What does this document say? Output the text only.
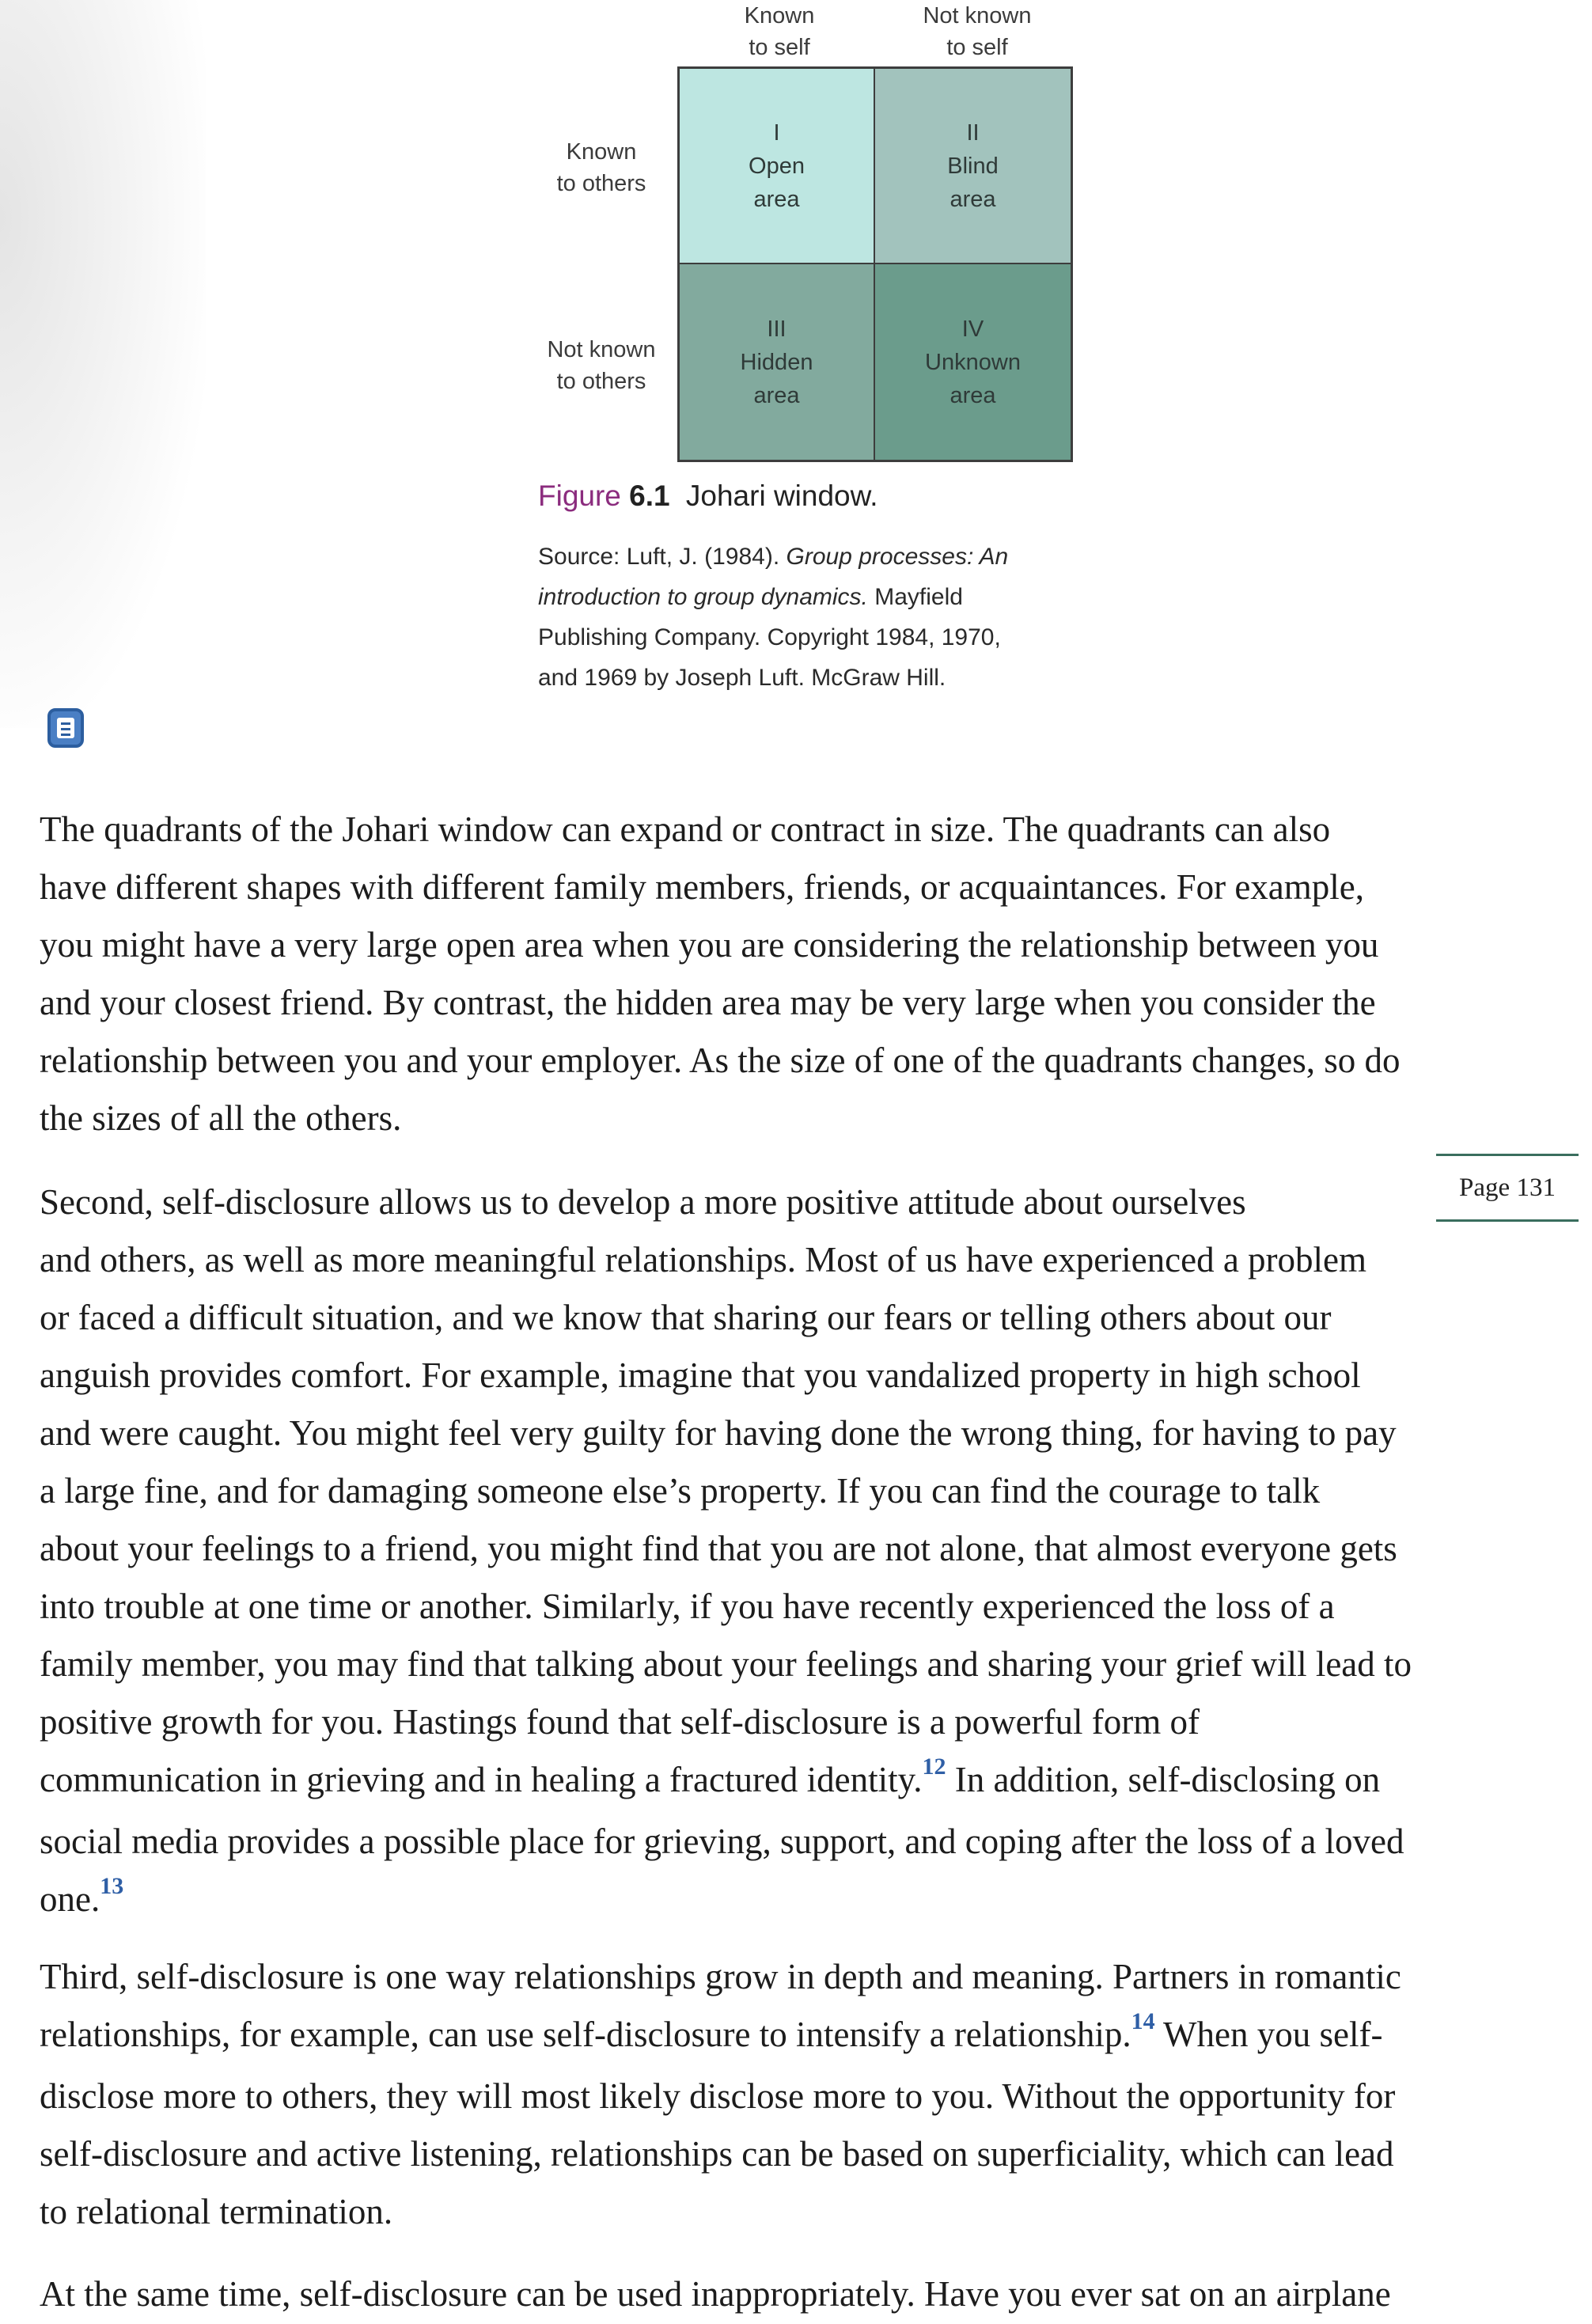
Known
to self
Not known
to self
Known
to others
Not known
to others
I
Open
area
II
Blind
area
III
Hidden
area
IV
Unknown
area
Figure 6.1 Johari window.
Source: Luft, J. (1984). Group processes: An
introduction to group dynamics. Mayfield
Publishing Company. Copyright 1984, 1970,
and 1969 by Joseph Luft. McGraw Hill.
The quadrants of the Johari window can expand or contract in size. The quadrants can also
have different shapes with different family members, friends, or acquaintances. For example,
you might have a very large open area when you are considering the relationship between you
and your closest friend. By contrast, the hidden area may be very large when you consider the
relationship between you and your employer. As the size of one of the quadrants changes, so do
the sizes of all the others.
Page 131
Second, self-disclosure allows us to develop a more positive attitude about ourselves
and others, as well as more meaningful relationships. Most of us have experienced a problem
or faced a difficult situation, and we know that sharing our fears or telling others about our
anguish provides comfort. For example, imagine that you vandalized property in high school
and were caught. You might feel very guilty for having done the wrong thing, for having to pay
a large fine, and for damaging someone else’s property. If you can find the courage to talk
about your feelings to a friend, you might find that you are not alone, that almost everyone gets
into trouble at one time or another. Similarly, if you have recently experienced the loss of a
family member, you may find that talking about your feelings and sharing your grief will lead to
positive growth for you. Hastings found that self-disclosure is a powerful form of
communication in grieving and in healing a fractured identity.$^{12}$ In addition, self-disclosing on
social media provides a possible place for grieving, support, and coping after the loss of a loved
one.$^{13}$
Third, self-disclosure is one way relationships grow in depth and meaning. Partners in romantic
relationships, for example, can use self-disclosure to intensify a relationship.$^{14}$ When you self-
disclose more to others, they will most likely disclose more to you. Without the opportunity for
self-disclosure and active listening, relationships can be based on superficiality, which can lead
to relational termination.
At the same time, self-disclosure can be used inappropriately. Have you ever sat on an airplane
